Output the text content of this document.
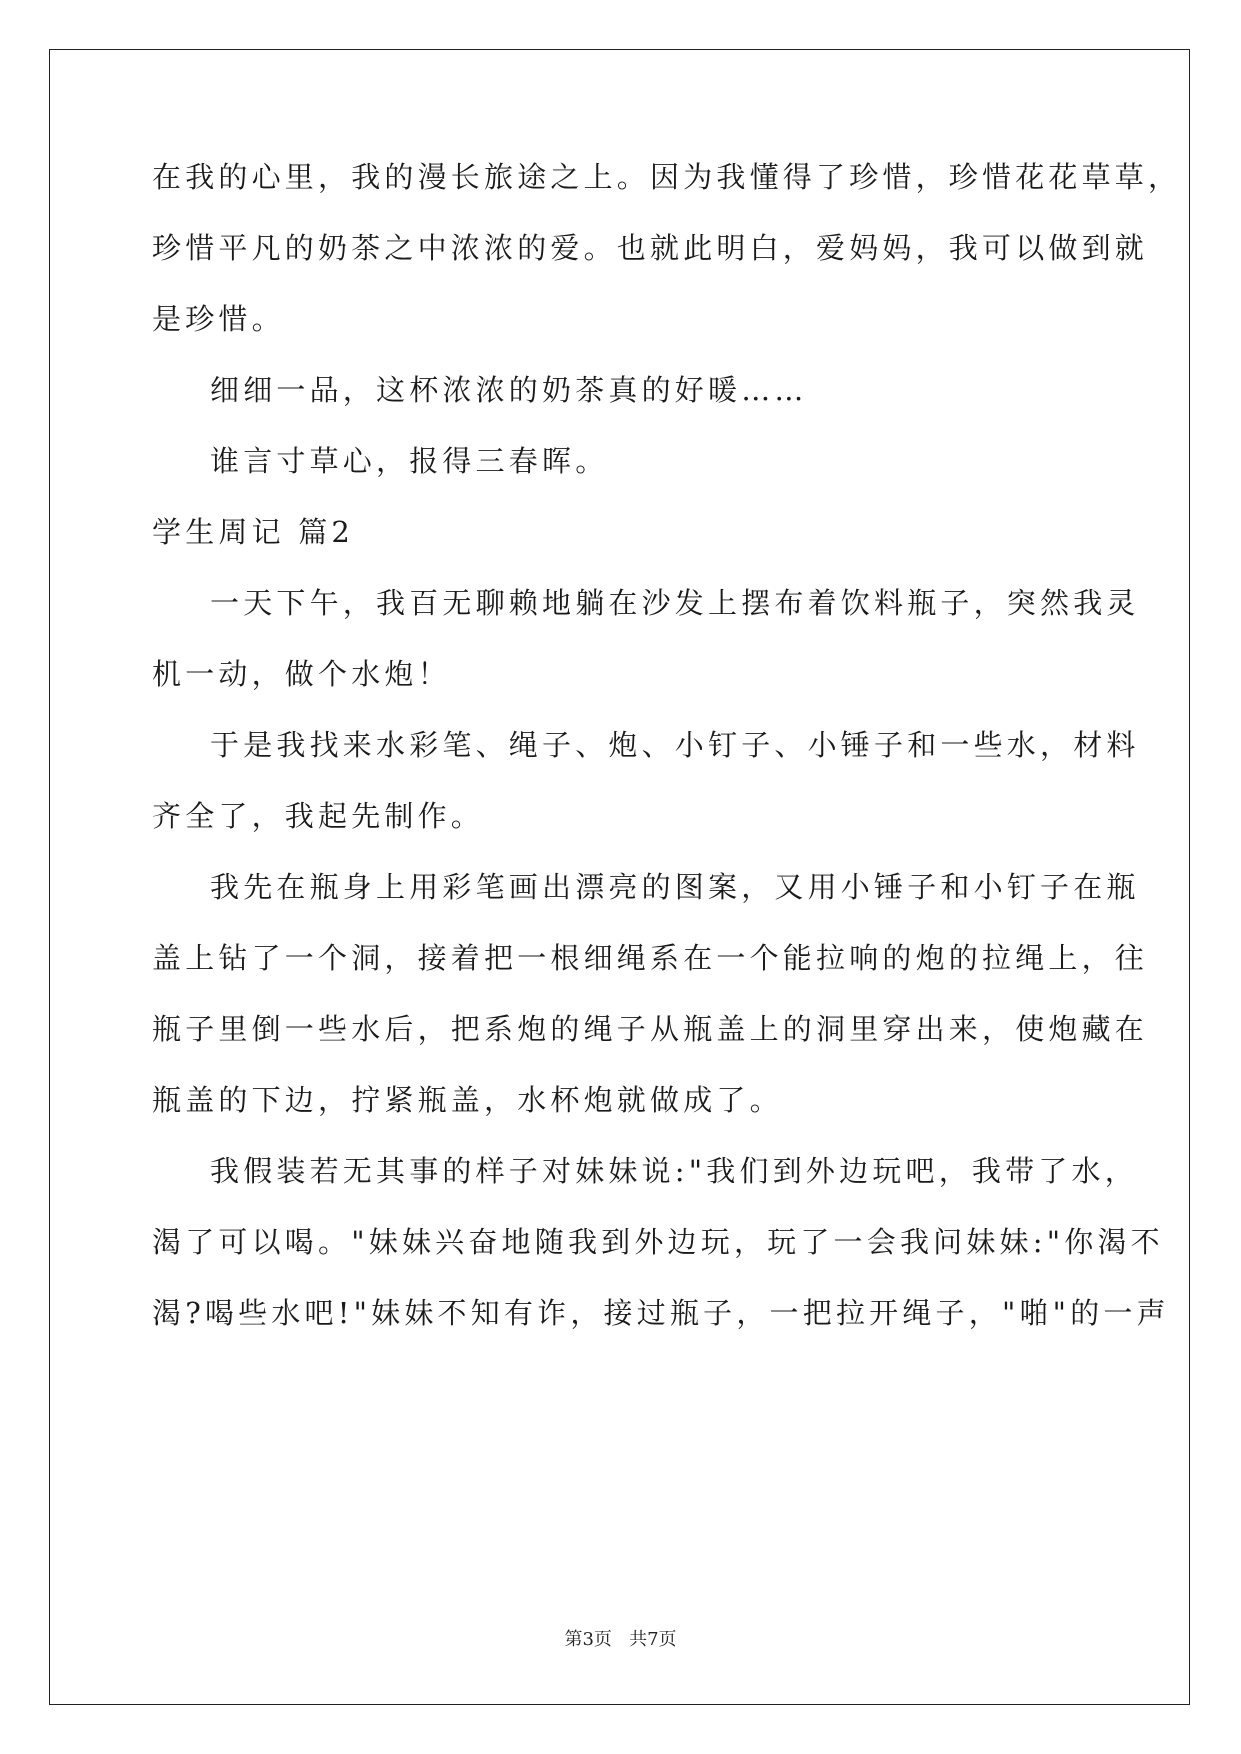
在我的心里，我的漫长旅途之上。因为我懂得了珍惜，珍惜花花草草，
珍惜平凡的奶茶之中浓浓的爱。也就此明白，爱妈妈，我可以做到就
是珍惜。
细细一品，这杯浓浓的奶茶真的好暖……
谁言寸草心，报得三春晖。
学生周记 篇2
一天下午，我百无聊赖地躺在沙发上摆布着饮料瓶子，突然我灵
机一动，做个水炮！
于是我找来水彩笔、绳子、炮、小钉子、小锤子和一些水，材料
齐全了，我起先制作。
我先在瓶身上用彩笔画出漂亮的图案，又用小锤子和小钉子在瓶
盖上钻了一个洞，接着把一根细绳系在一个能拉响的炮的拉绳上，往
瓶子里倒一些水后，把系炮的绳子从瓶盖上的洞里穿出来，使炮藏在
瓶盖的下边，拧紧瓶盖，水杯炮就做成了。
我假装若无其事的样子对妹妹说:"我们到外边玩吧，我带了水，
渴了可以喝。"妹妹兴奋地随我到外边玩，玩了一会我问妹妹:"你渴不
渴?喝些水吧!"妹妹不知有诈，接过瓶子，一把拉开绳子，"啪"的一声
第3页   共7页
